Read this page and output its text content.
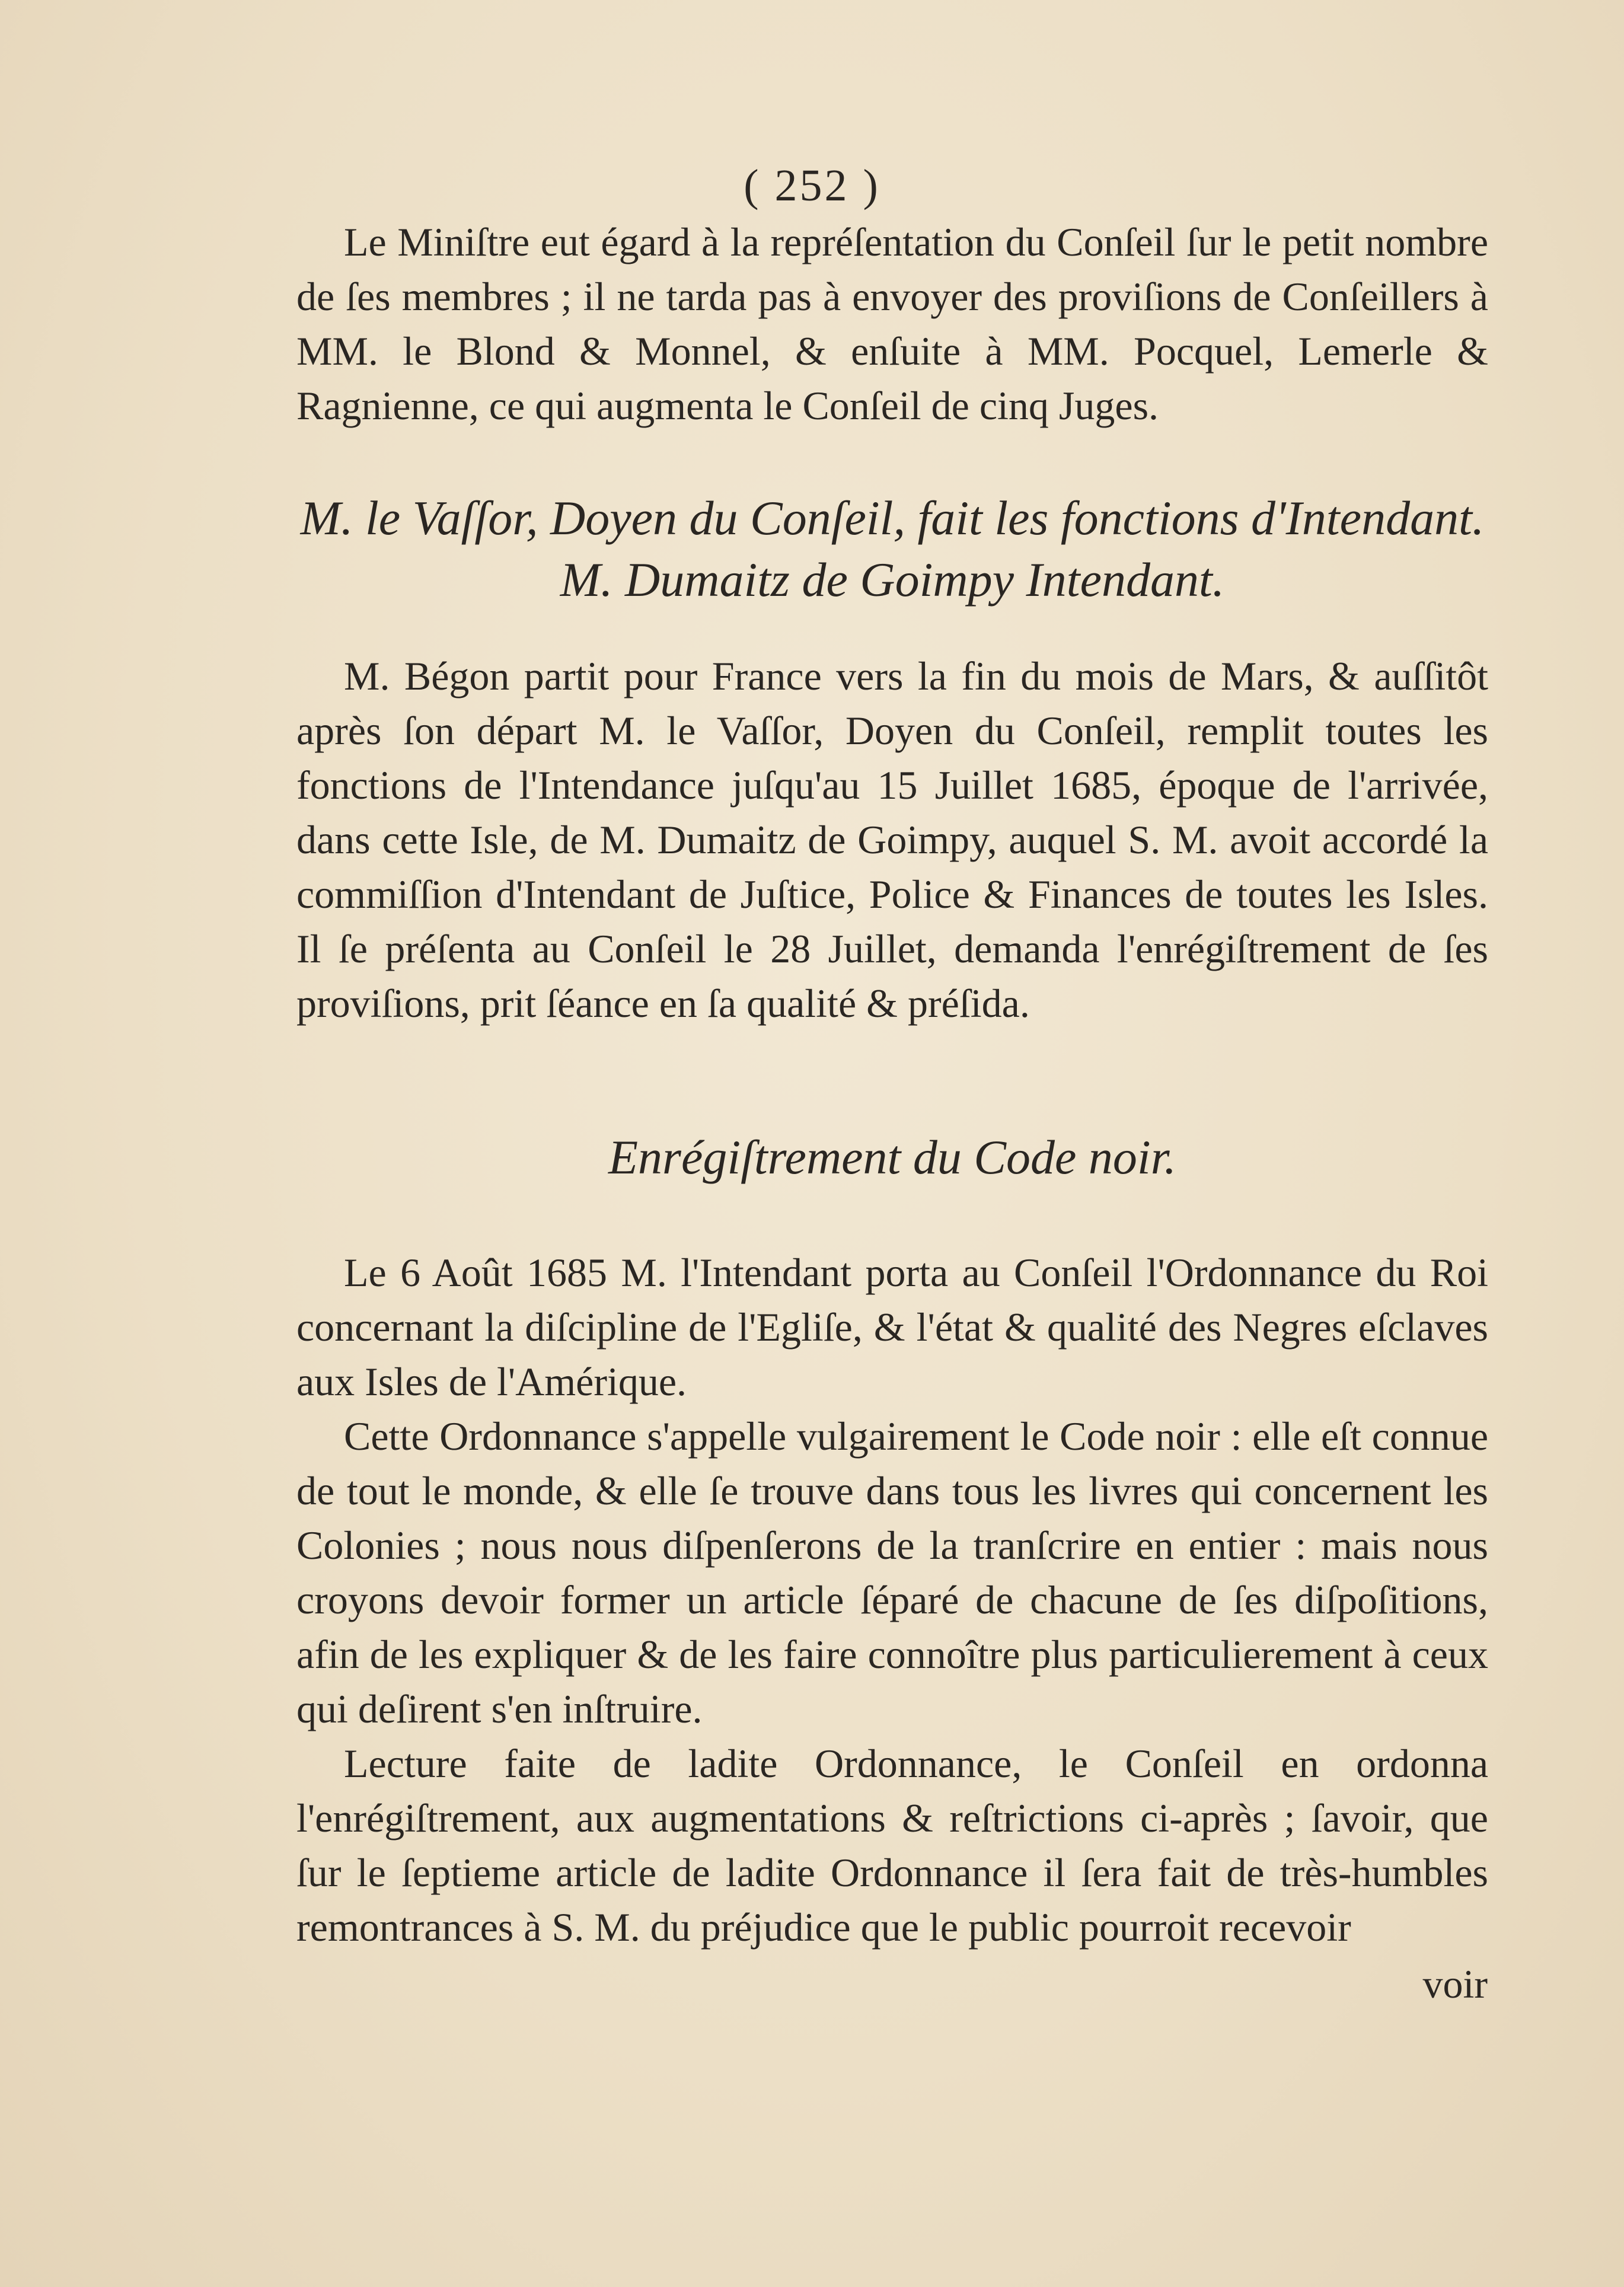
( 252 )

Le Miniſtre eut égard à la repréſentation du Conſeil ſur le petit nombre de ſes membres ; il ne tarda pas à envoyer des proviſions de Conſeillers à MM. le Blond & Monnel, & enſuite à MM. Pocquel, Lemerle & Ragnienne, ce qui augmenta le Conſeil de cinq Juges.

M. le Vaſſor, Doyen du Conſeil, fait les fonctions d'Intendant. M. Dumaitz de Goimpy Intendant.

M. Bégon partit pour France vers la fin du mois de Mars, & auſſitôt après ſon départ M. le Vaſſor, Doyen du Conſeil, remplit toutes les fonctions de l'Intendance juſqu'au 15 Juillet 1685, époque de l'arrivée, dans cette Isle, de M. Dumaitz de Goimpy, auquel S. M. avoit accordé la commiſſion d'Intendant de Juſtice, Police & Finances de toutes les Isles. Il ſe préſenta au Conſeil le 28 Juillet, demanda l'enrégiſtrement de ſes proviſions, prit ſéance en ſa qualité & préſida.

Enrégiſtrement du Code noir.

Le 6 Août 1685 M. l'Intendant porta au Conſeil l'Ordonnance du Roi concernant la diſcipline de l'Egliſe, & l'état & qualité des Negres eſclaves aux Isles de l'Amérique.

Cette Ordonnance s'appelle vulgairement le Code noir : elle eſt connue de tout le monde, & elle ſe trouve dans tous les livres qui concernent les Colonies ; nous nous diſpenſerons de la tranſcrire en entier : mais nous croyons devoir former un article ſéparé de chacune de ſes diſpoſitions, afin de les expliquer & de les faire connoître plus particulierement à ceux qui deſirent s'en inſtruire.

Lecture faite de ladite Ordonnance, le Conſeil en ordonna l'enrégiſtrement, aux augmentations & reſtrictions ci-après ; ſavoir, que ſur le ſeptieme article de ladite Ordonnance il ſera fait de très-humbles remontrances à S. M. du préjudice que le public pourroit recevoir

voir
